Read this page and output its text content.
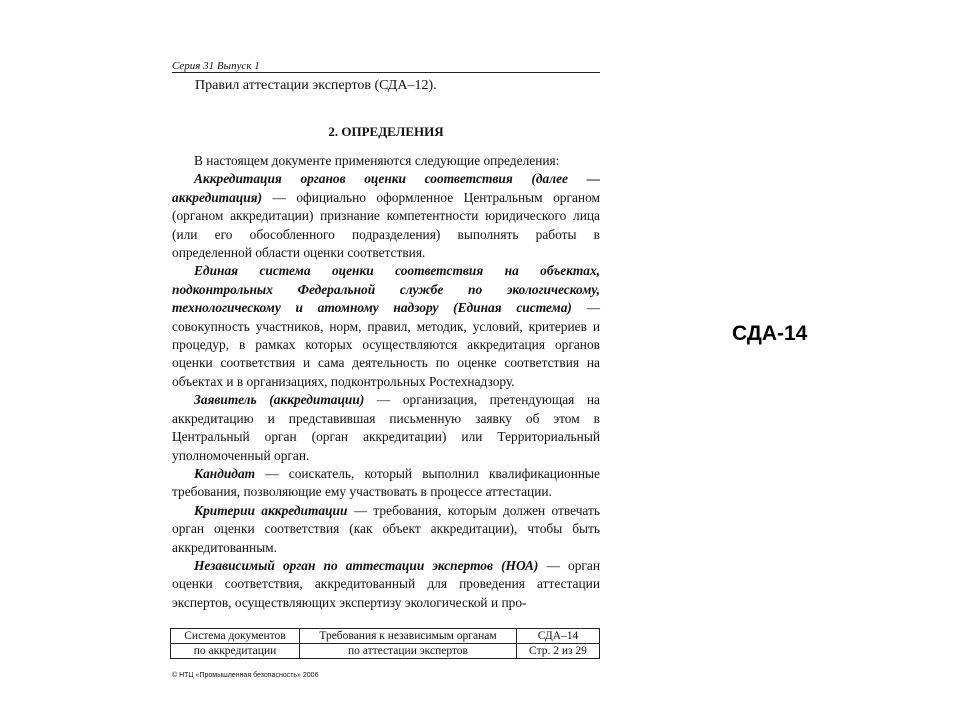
Серия 31 Выпуск 1
Правил аттестации экспертов (СДА–12).
2. ОПРЕДЕЛЕНИЯ

В настоящем документе применяются следующие определения:

Аккредитация органов оценки соответствия (далее — аккредитация) — официально оформленное Центральным органом (органом аккредитации) признание компетентности юридического лица (или его обособленного подразделения) выполнять работы в определенной области оценки соответствия.

Единая система оценки соответствия на объектах, подконтрольных Федеральной службе по экологическому, технологическому и атомному надзору (Единая система) — совокупность участников, норм, правил, методик, условий, критериев и процедур, в рамках которых осуществляются аккредитация органов оценки соответствия и сама деятельность по оценке соответствия на объектах и в организациях, подконтрольных Ростехнадзору.

Заявитель (аккредитации) — организация, претендующая на аккредитацию и представившая письменную заявку об этом в Центральный орган (орган аккредитации) или Территориальный уполномоченный орган.

Кандидат — соискатель, который выполнил квалификационные требования, позволяющие ему участвовать в процессе аттестации.

Критерии аккредитации — требования, которым должен отвечать орган оценки соответствия (как объект аккредитации), чтобы быть аккредитованным.

Независимый орган по аттестации экспертов (НОА) — орган оценки соответствия, аккредитованный для проведения аттестации экспертов, осуществляющих экспертизу экологической и про-

Система документов	Требования к независимым органам	СДА–14
по аккредитации	по аттестации экспертов	Стр. 2 из 29
© НТЦ «Промышленная безопасность» 2006
СДА-14
